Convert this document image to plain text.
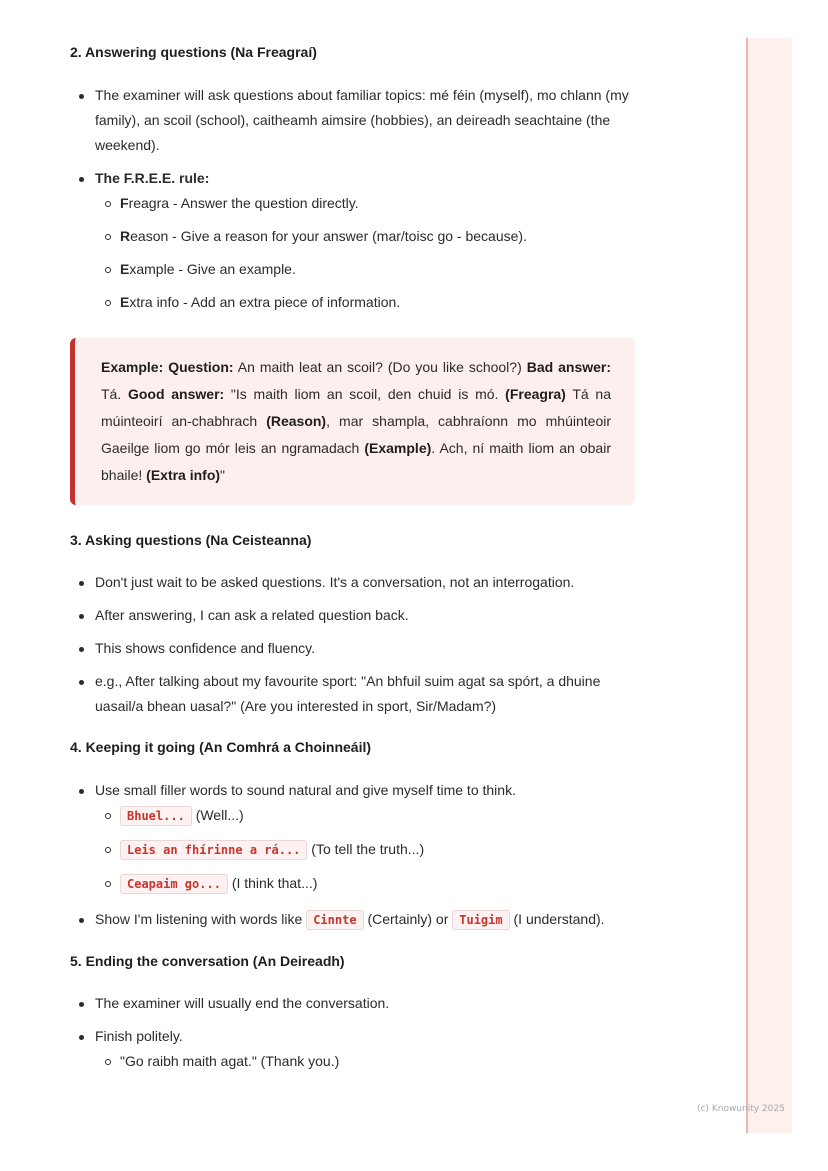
(c) Knowunity 2025
2. Answering questions (Na Freagraí)
The examiner will ask questions about familiar topics: mé féin (myself), mo chlann (my family), an scoil (school), caitheamh aimsire (hobbies), an deireadh seachtaine (the weekend).
The F.R.E.E. rule:
Freagra - Answer the question directly.
Reason - Give a reason for your answer (mar/toisc go - because).
Example - Give an example.
Extra info - Add an extra piece of information.
Example: Question: An maith leat an scoil? (Do you like school?) Bad answer: Tá. Good answer: "Is maith liom an scoil, den chuid is mó. (Freagra) Tá na múinteoirí an-chabhrach (Reason), mar shampla, cabhraíonn mo mhúinteoir Gaeilge liom go mór leis an ngramadach (Example). Ach, ní maith liom an obair bhaile! (Extra info)"
3. Asking questions (Na Ceisteanna)
Don't just wait to be asked questions. It's a conversation, not an interrogation.
After answering, I can ask a related question back.
This shows confidence and fluency.
e.g., After talking about my favourite sport: "An bhfuil suim agat sa spórt, a dhuine uasail/a bhean uasal?" (Are you interested in sport, Sir/Madam?)
4. Keeping it going (An Comhrá a Choinneáil)
Use small filler words to sound natural and give myself time to think.
Bhuel... (Well...)
Leis an fhírinne a rá... (To tell the truth...)
Ceapaim go... (I think that...)
Show I'm listening with words like Cinnte (Certainly) or Tuigim (I understand).
5. Ending the conversation (An Deireadh)
The examiner will usually end the conversation.
Finish politely.
"Go raibh maith agat." (Thank you.)
